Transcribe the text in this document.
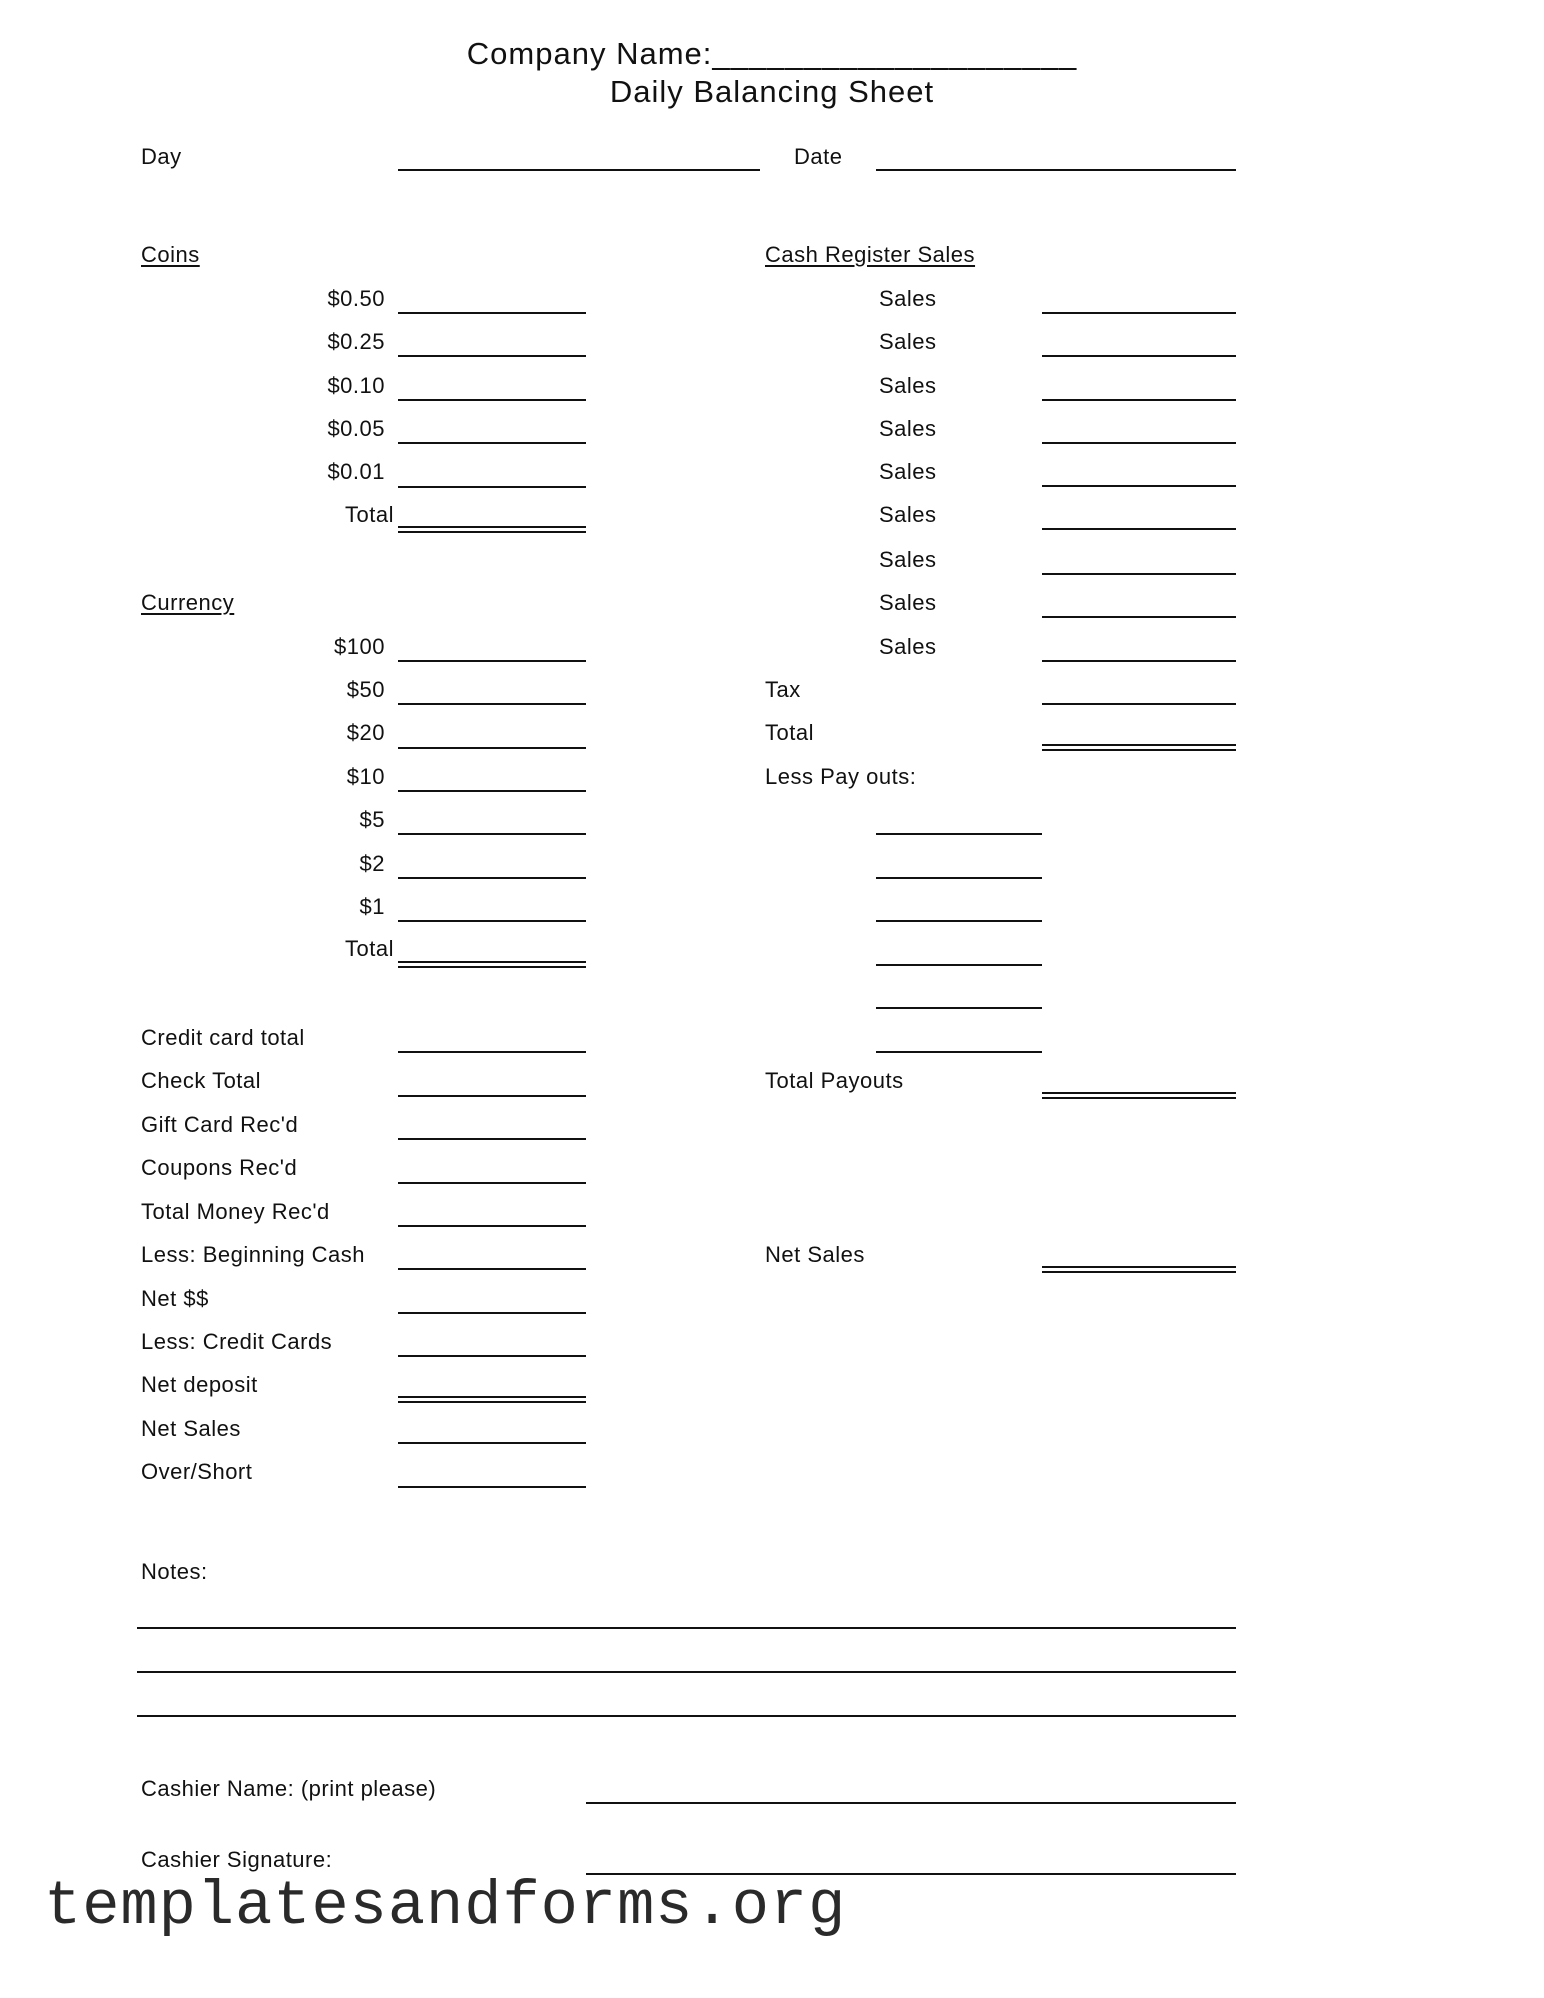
Company Name:____________________
Daily Balancing Sheet
Day	Date
Coins
$0.50
$0.25
$0.10
$0.05
$0.01
Total
Currency
$100
$50
$20
$10
$5
$2
$1
Total
Credit card total
Check Total
Gift Card Rec'd
Coupons Rec'd
Total Money Rec'd
Less: Beginning Cash
Net $$
Less: Credit Cards
Net deposit
Net Sales
Over/Short
Cash Register Sales
Sales
Sales
Sales
Sales
Sales
Sales
Sales
Sales
Sales
Tax
Total
Less Pay outs:
Total Payouts
Net Sales
Notes:
Cashier Name: (print please)
Cashier Signature:
templatesandforms.org
